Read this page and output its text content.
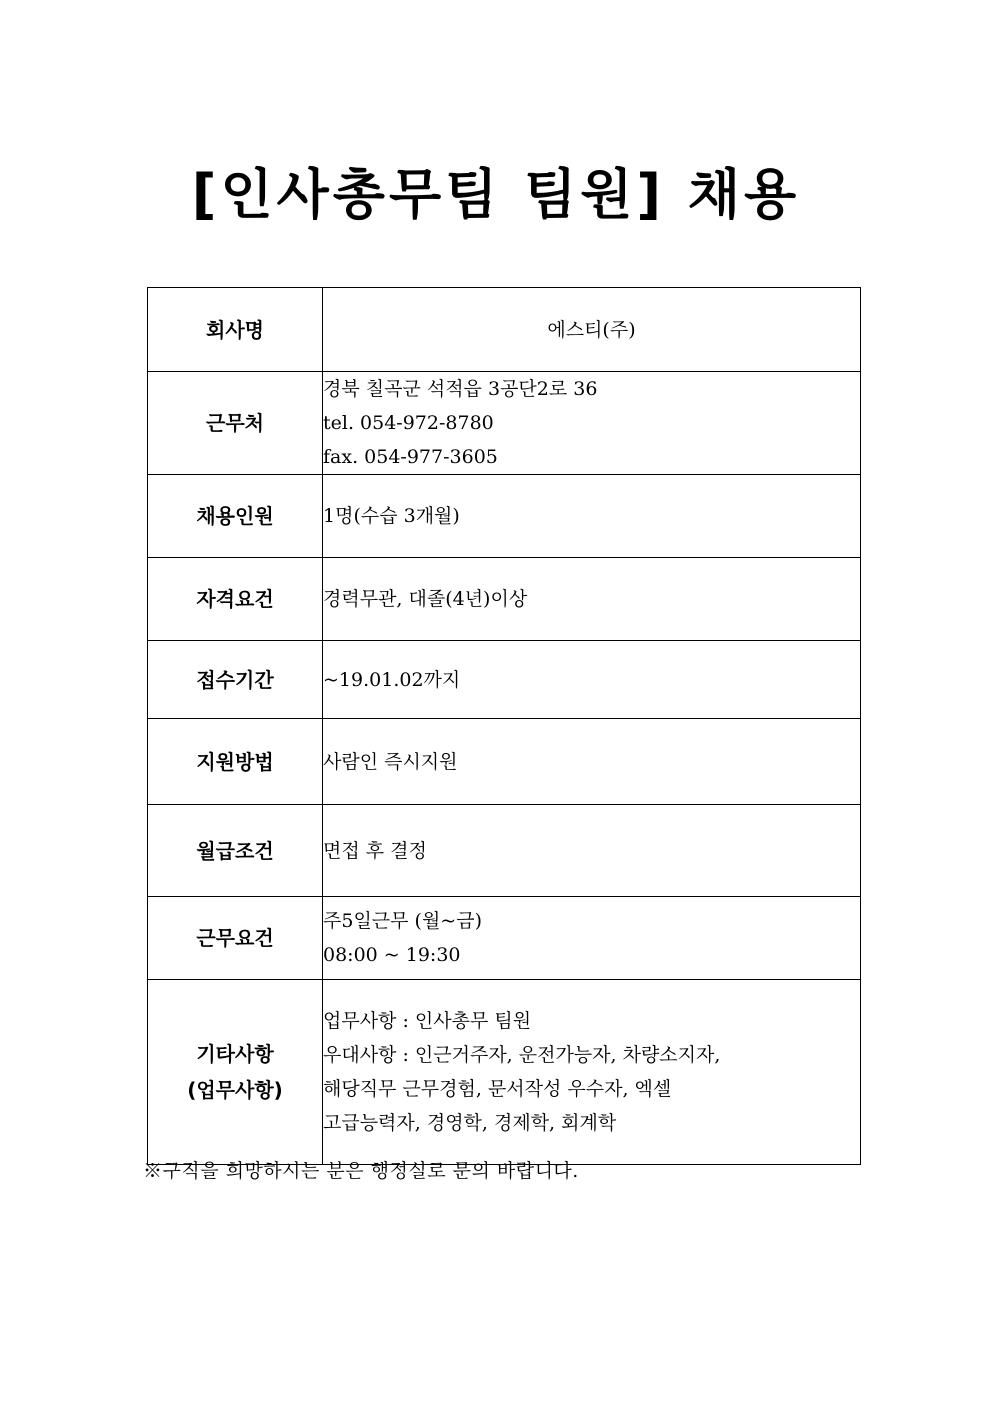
[인사총무팀 팀원] 채용
회사명	에스티(주)

근무처	경북 칠곡군 석적읍 3공단2로 36
tel. 054-972-8780
fax. 054-977-3605

채용인원	1명(수습 3개월)

자격요건	경력무관, 대졸(4년)이상

접수기간	~19.01.02까지

지원방법	사람인 즉시지원

월급조건	면접 후 결정

근무요건	주5일근무 (월~금)
08:00 ~ 19:30

기타사항
(업무사항)	업무사항 : 인사총무 팀원
우대사항 : 인근거주자, 운전가능자, 차량소지자,
해당직무 근무경험, 문서작성 우수자, 엑셀
고급능력자, 경영학, 경제학, 회계학
※구직을 희망하시는 분은 행정실로 문의 바랍니다.
